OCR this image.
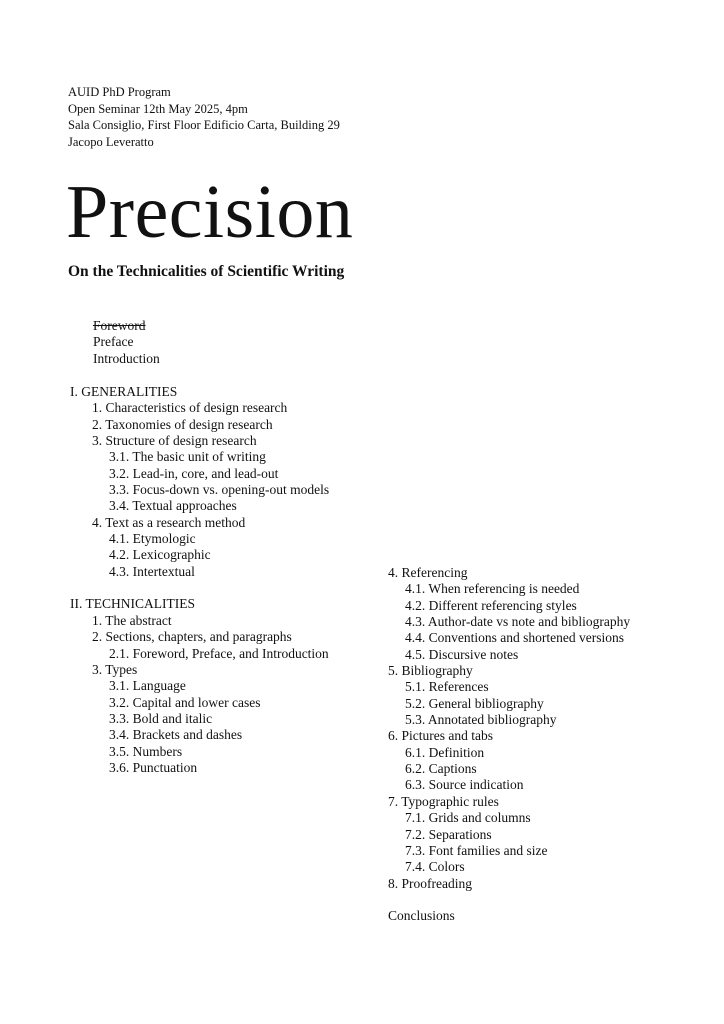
AUID PhD Program
Open Seminar 12th May 2025, 4pm
Sala Consiglio, First Floor Edificio Carta, Building 29
Jacopo Leveratto
Precision
On the Technicalities of Scientific Writing
Foreword
Preface
Introduction
I. GENERALITIES
1. Characteristics of design research
2. Taxonomies of design research
3. Structure of design research
3.1. The basic unit of writing
3.2. Lead-in, core, and lead-out
3.3. Focus-down vs. opening-out models
3.4. Textual approaches
4. Text as a research method
4.1. Etymologic
4.2. Lexicographic
4.3. Intertextual
II. TECHNICALITIES
1. The abstract
2. Sections, chapters, and paragraphs
2.1. Foreword, Preface, and Introduction
3. Types
3.1. Language
3.2. Capital and lower cases
3.3. Bold and italic
3.4. Brackets and dashes
3.5. Numbers
3.6. Punctuation
4. Referencing
4.1. When referencing is needed
4.2. Different referencing styles
4.3. Author-date vs note and bibliography
4.4. Conventions and shortened versions
4.5. Discursive notes
5. Bibliography
5.1. References
5.2. General bibliography
5.3. Annotated bibliography
6. Pictures and tabs
6.1. Definition
6.2. Captions
6.3. Source indication
7. Typographic rules
7.1. Grids and columns
7.2. Separations
7.3. Font families and size
7.4. Colors
8. Proofreading
Conclusions
